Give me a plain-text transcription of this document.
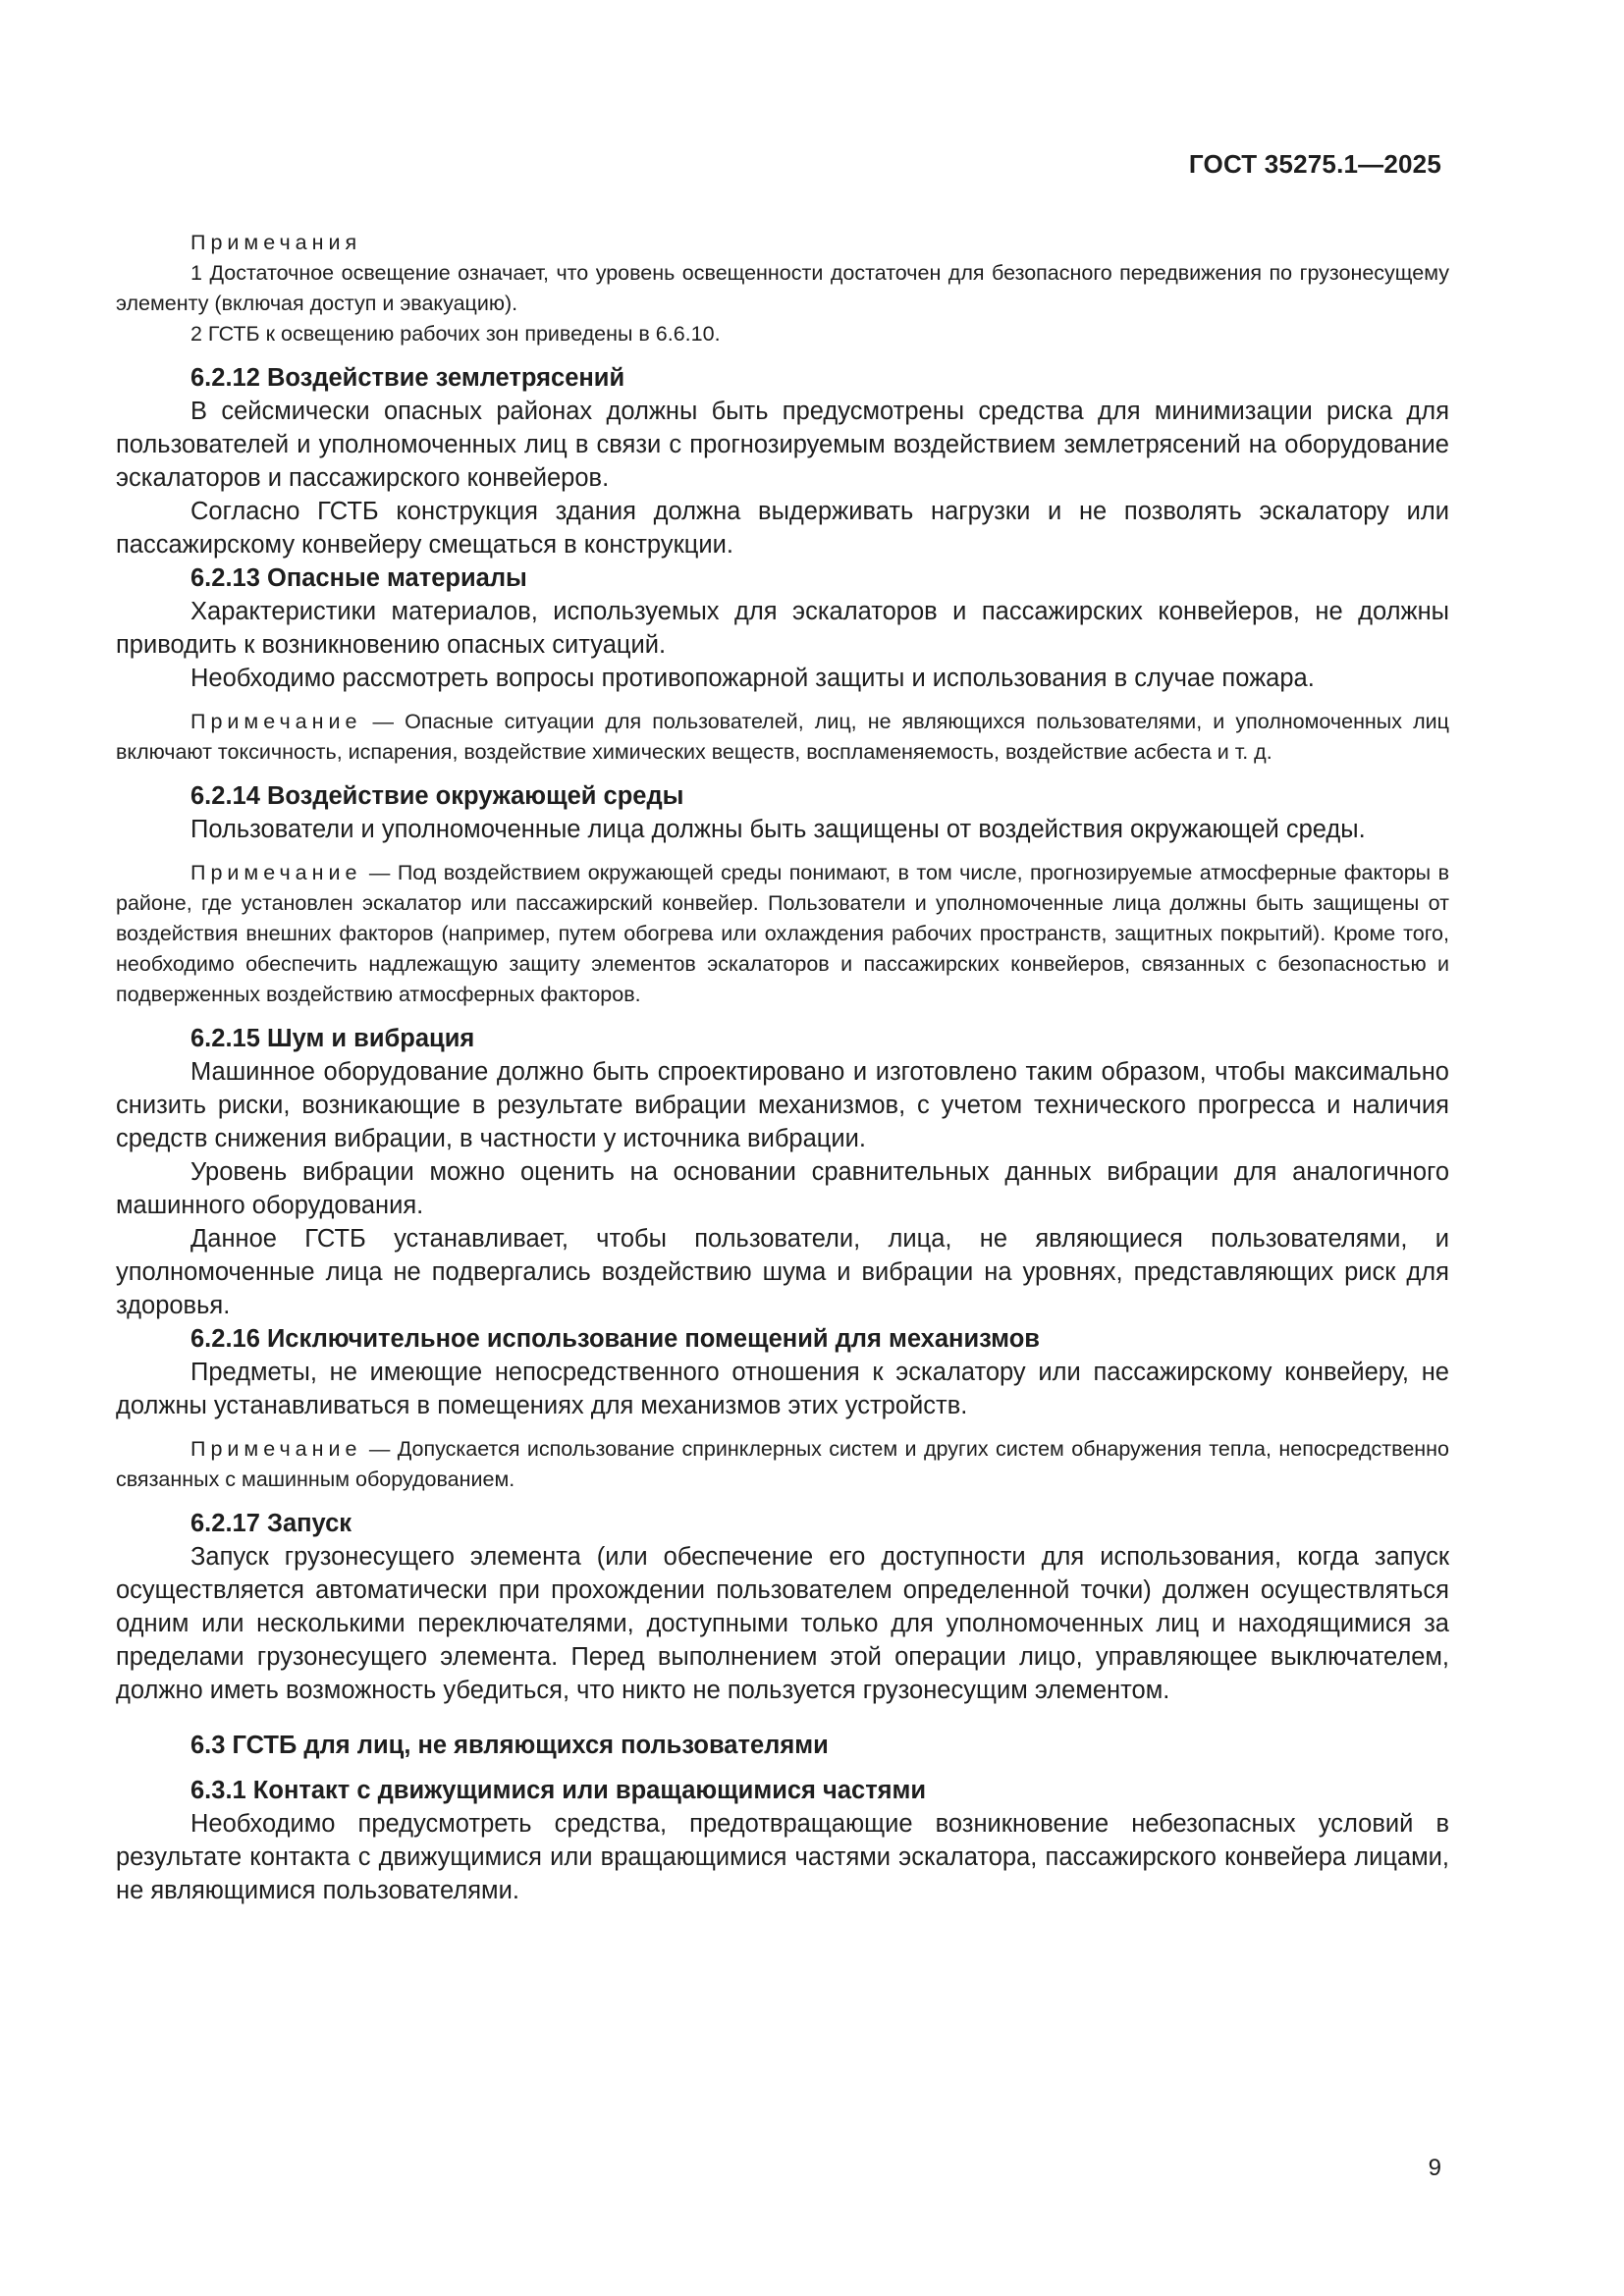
ГОСТ 35275.1—2025

Примечания

1 Достаточное освещение означает, что уровень освещенности достаточен для безопасного передвижения по грузонесущему элементу (включая доступ и эвакуацию).

2 ГСТБ к освещению рабочих зон приведены в 6.6.10.

6.2.12 Воздействие землетрясений

В сейсмически опасных районах должны быть предусмотрены средства для минимизации риска для пользователей и уполномоченных лиц в связи с прогнозируемым воздействием землетрясений на оборудование эскалаторов и пассажирского конвейеров.

Согласно ГСТБ конструкция здания должна выдерживать нагрузки и не позволять эскалатору или пассажирскому конвейеру смещаться в конструкции.

6.2.13 Опасные материалы

Характеристики материалов, используемых для эскалаторов и пассажирских конвейеров, не должны приводить к возникновению опасных ситуаций.

Необходимо рассмотреть вопросы противопожарной защиты и использования в случае пожара.

Примечание — Опасные ситуации для пользователей, лиц, не являющихся пользователями, и уполномоченных лиц включают токсичность, испарения, воздействие химических веществ, воспламеняемость, воздействие асбеста и т. д.

6.2.14 Воздействие окружающей среды

Пользователи и уполномоченные лица должны быть защищены от воздействия окружающей среды.

Примечание — Под воздействием окружающей среды понимают, в том числе, прогнозируемые атмосферные факторы в районе, где установлен эскалатор или пассажирский конвейер. Пользователи и уполномоченные лица должны быть защищены от воздействия внешних факторов (например, путем обогрева или охлаждения рабочих пространств, защитных покрытий). Кроме того, необходимо обеспечить надлежащую защиту элементов эскалаторов и пассажирских конвейеров, связанных с безопасностью и подверженных воздействию атмосферных факторов.

6.2.15 Шум и вибрация

Машинное оборудование должно быть спроектировано и изготовлено таким образом, чтобы максимально снизить риски, возникающие в результате вибрации механизмов, с учетом технического прогресса и наличия средств снижения вибрации, в частности у источника вибрации.

Уровень вибрации можно оценить на основании сравнительных данных вибрации для аналогичного машинного оборудования.

Данное ГСТБ устанавливает, чтобы пользователи, лица, не являющиеся пользователями, и уполномоченные лица не подвергались воздействию шума и вибрации на уровнях, представляющих риск для здоровья.

6.2.16 Исключительное использование помещений для механизмов

Предметы, не имеющие непосредственного отношения к эскалатору или пассажирскому конвейеру, не должны устанавливаться в помещениях для механизмов этих устройств.

Примечание — Допускается использование спринклерных систем и других систем обнаружения тепла, непосредственно связанных с машинным оборудованием.

6.2.17 Запуск

Запуск грузонесущего элемента (или обеспечение его доступности для использования, когда запуск осуществляется автоматически при прохождении пользователем определенной точки) должен осуществляться одним или несколькими переключателями, доступными только для уполномоченных лиц и находящимися за пределами грузонесущего элемента. Перед выполнением этой операции лицо, управляющее выключателем, должно иметь возможность убедиться, что никто не пользуется грузонесущим элементом.

6.3 ГСТБ для лиц, не являющихся пользователями

6.3.1 Контакт с движущимися или вращающимися частями

Необходимо предусмотреть средства, предотвращающие возникновение небезопасных условий в результате контакта с движущимися или вращающимися частями эскалатора, пассажирского конвейера лицами, не являющимися пользователями.

9
